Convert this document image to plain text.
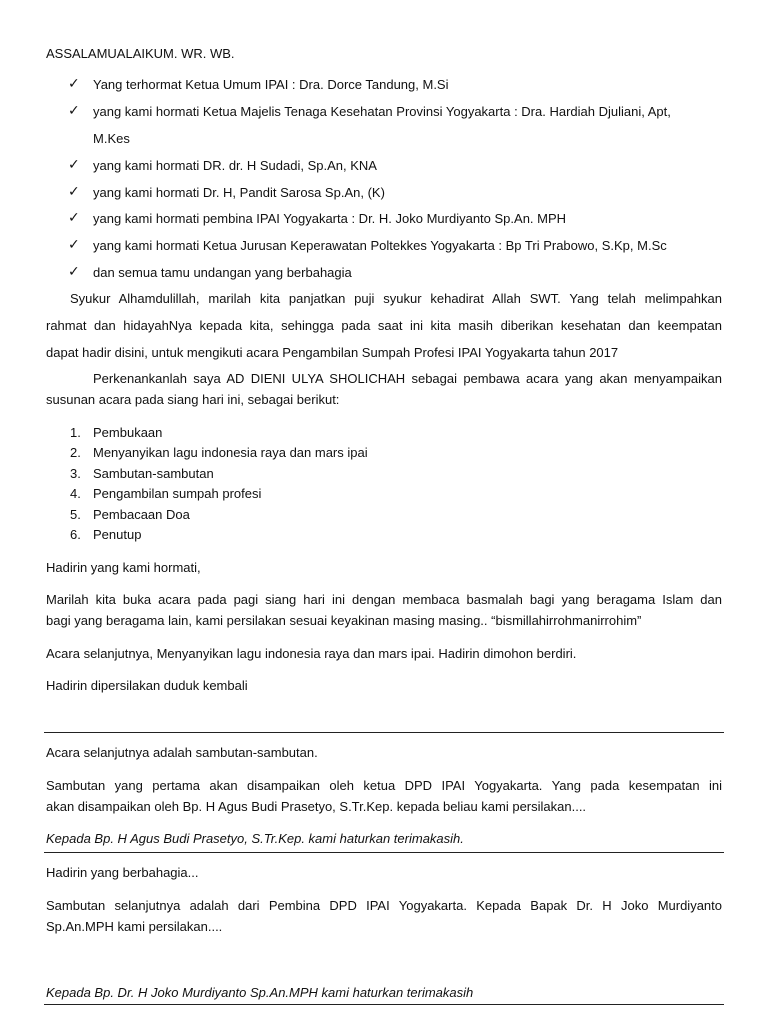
ASSALAMUALAIKUM. WR. WB.
✓ Yang terhormat Ketua Umum IPAI : Dra. Dorce Tandung, M.Si
✓ yang kami hormati Ketua Majelis Tenaga Kesehatan Provinsi Yogyakarta : Dra. Hardiah Djuliani, Apt,
M.Kes
✓ yang kami hormati DR. dr. H Sudadi, Sp.An, KNA
✓ yang kami hormati Dr. H, Pandit Sarosa Sp.An, (K)
✓ yang kami hormati pembina IPAI Yogyakarta : Dr. H. Joko Murdiyanto Sp.An. MPH
✓ yang kami hormati Ketua Jurusan Keperawatan Poltekkes Yogyakarta : Bp Tri Prabowo, S.Kp, M.Sc
✓ dan semua tamu undangan yang berbahagia
Syukur Alhamdulillah, marilah kita panjatkan puji syukur kehadirat Allah SWT. Yang telah melimpahkan
rahmat dan hidayahNya kepada kita, sehingga pada saat ini kita masih diberikan kesehatan dan keempatan
dapat hadir disini, untuk mengikuti acara Pengambilan Sumpah Profesi IPAI Yogyakarta tahun 2017
Perkenankanlah saya AD DIENI ULYA SHOLICHAH sebagai pembawa acara yang akan menyampaikan
susunan acara pada siang hari ini, sebagai berikut:
1. Pembukaan
2. Menyanyikan lagu indonesia raya dan mars ipai
3. Sambutan-sambutan
4. Pengambilan sumpah profesi
5. Pembacaan Doa
6. Penutup
Hadirin yang kami hormati,
Marilah kita buka acara pada pagi siang hari ini dengan membaca basmalah bagi yang beragama Islam dan
bagi yang beragama lain, kami persilakan sesuai keyakinan masing masing.. “bismillahirrohmanirrohim”
Acara selanjutnya, Menyanyikan lagu indonesia raya dan mars ipai. Hadirin dimohon berdiri.
Hadirin dipersilakan duduk kembali
Acara selanjutnya adalah sambutan-sambutan.
Sambutan yang pertama akan disampaikan oleh ketua DPD IPAI Yogyakarta. Yang pada kesempatan ini
akan disampaikan oleh Bp. H Agus Budi Prasetyo, S.Tr.Kep. kepada beliau kami persilakan....
Kepada Bp. H Agus Budi Prasetyo, S.Tr.Kep. kami haturkan terimakasih.
Hadirin yang berbahagia...
Sambutan selanjutnya adalah dari Pembina DPD IPAI Yogyakarta. Kepada Bapak Dr. H Joko Murdiyanto
Sp.An.MPH kami persilakan....
Kepada Bp. Dr. H Joko Murdiyanto Sp.An.MPH kami haturkan terimakasih
